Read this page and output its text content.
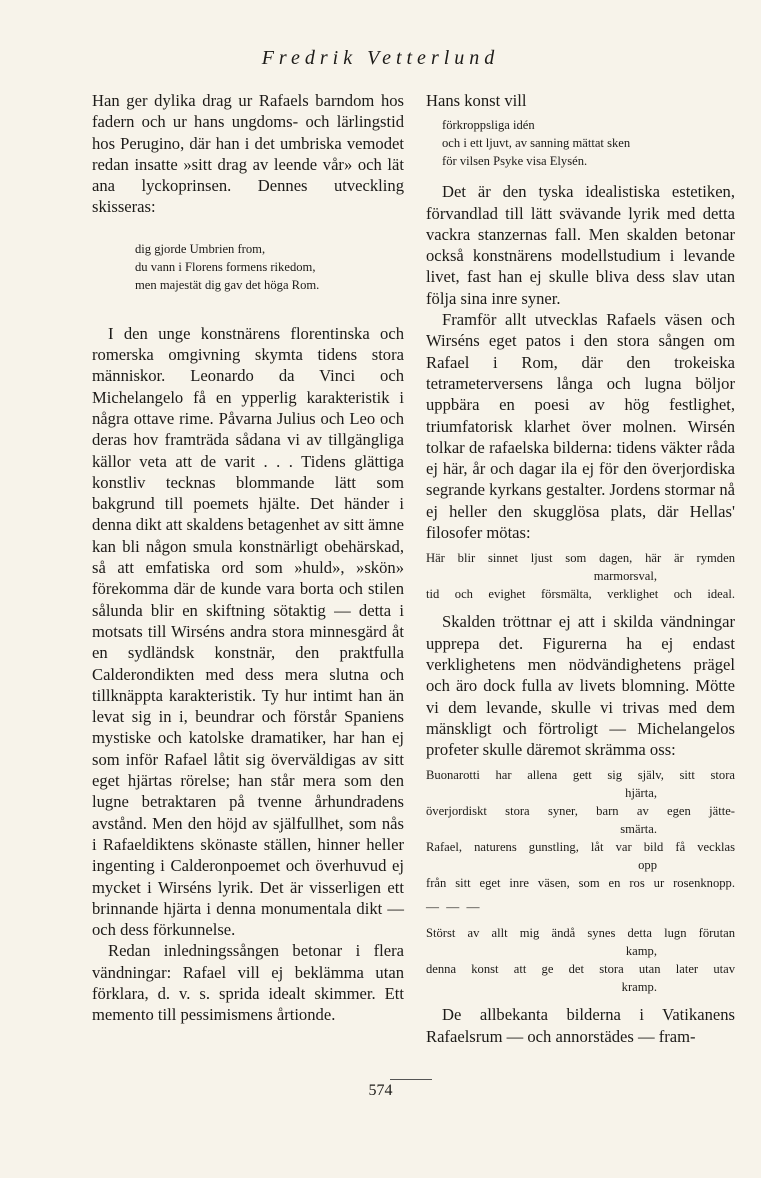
Fredrik Vetterlund

Han ger dylika drag ur Rafaels barndom hos fadern och ur hans ungdoms- och lärlingstid hos Perugino, där han i det umbriska vemodet redan insatte »sitt drag av leende vår» och lät ana lyckoprinsen. Dennes utveckling skisseras:

dig gjorde Umbrien from,
du vann i Florens formens rikedom,
men majestät dig gav det höga Rom.

I den unge konstnärens florentinska och romerska omgivning skymta tidens stora människor. Leonardo da Vinci och Michelangelo få en ypperlig karakteristik i några ottave rime. Påvarna Julius och Leo och deras hov framträda sådana vi av tillgängliga källor veta att de varit . . . Tidens glättiga konstliv tecknas blommande lätt som bakgrund till poemets hjälte. Det händer i denna dikt att skaldens betagenhet av sitt ämne kan bli någon smula konstnärligt obehärskad, så att emfatiska ord som »huld», »skön» förekomma där de kunde vara borta och stilen sålunda blir en skiftning sötaktig — detta i motsats till Wirséns andra stora minnesgärd åt en sydländsk konstnär, den praktfulla Calderondikten med dess mera slutna och tillknäppta karakteristik. Ty hur intimt han än levat sig in i, beundrar och förstår Spaniens mystiske och katolske dramatiker, har han ej som inför Rafael låtit sig överväldigas av sitt eget hjärtas rörelse; han står mera som den lugne betraktaren på tvenne århundradens avstånd. Men den höjd av själfullhet, som nås i Rafaeldiktens skönaste ställen, hinner heller ingenting i Calderonpoemet och överhuvud ej mycket i Wirséns lyrik. Det är visserligen ett brinnande hjärta i denna monumentala dikt — och dess förkunnelse.

Redan inledningssången betonar i flera vändningar: Rafael vill ej beklämma utan förklara, d. v. s. sprida idealt skimmer. Ett memento till pessimismens årtionde.

Hans konst vill

förkroppsliga idén
och i ett ljuvt, av sanning mättat sken
för vilsen Psyke visa Elysén.

Det är den tyska idealistiska estetiken, förvandlad till lätt svävande lyrik med detta vackra stanzernas fall. Men skalden betonar också konstnärens modellstudium i levande livet, fast han ej skulle bliva dess slav utan följa sina inre syner.

Framför allt utvecklas Rafaels väsen och Wirséns eget patos i den stora sången om Rafael i Rom, där den trokeiska tetrameterversens långa och lugna böljor uppbära en poesi av hög festlighet, triumfatorisk klarhet över molnen. Wirsén tolkar de rafaelska bilderna: tidens väkter råda ej här, år och dagar ila ej för den överjordiska segrande kyrkans gestalter. Jordens stormar nå ej heller den skugglösa plats, där Hellas' filosofer mötas:

Här blir sinnet ljust som dagen, här är rymden
marmorsval,
tid och evighet försmälta, verklighet och ideal.

Skalden tröttnar ej att i skilda vändningar upprepa det. Figurerna ha ej endast verklighetens men nödvändighetens prägel och äro dock fulla av livets blomning. Mötte vi dem levande, skulle vi trivas med dem mänskligt och förtroligt — Michelangelos profeter skulle däremot skrämma oss:

Buonarotti har allena gett sig själv, sitt stora
hjärta,
överjordiskt stora syner, barn av egen jätte-
smärta.
Rafael, naturens gunstling, låt var bild få vecklas
opp
från sitt eget inre väsen, som en ros ur rosenknopp.
— — —
Störst av allt mig ändå synes detta lugn förutan
kamp,
denna konst att ge det stora utan later utav
kramp.

De allbekanta bilderna i Vatikanens Rafaelsrum — och annorstädes — fram-

574
